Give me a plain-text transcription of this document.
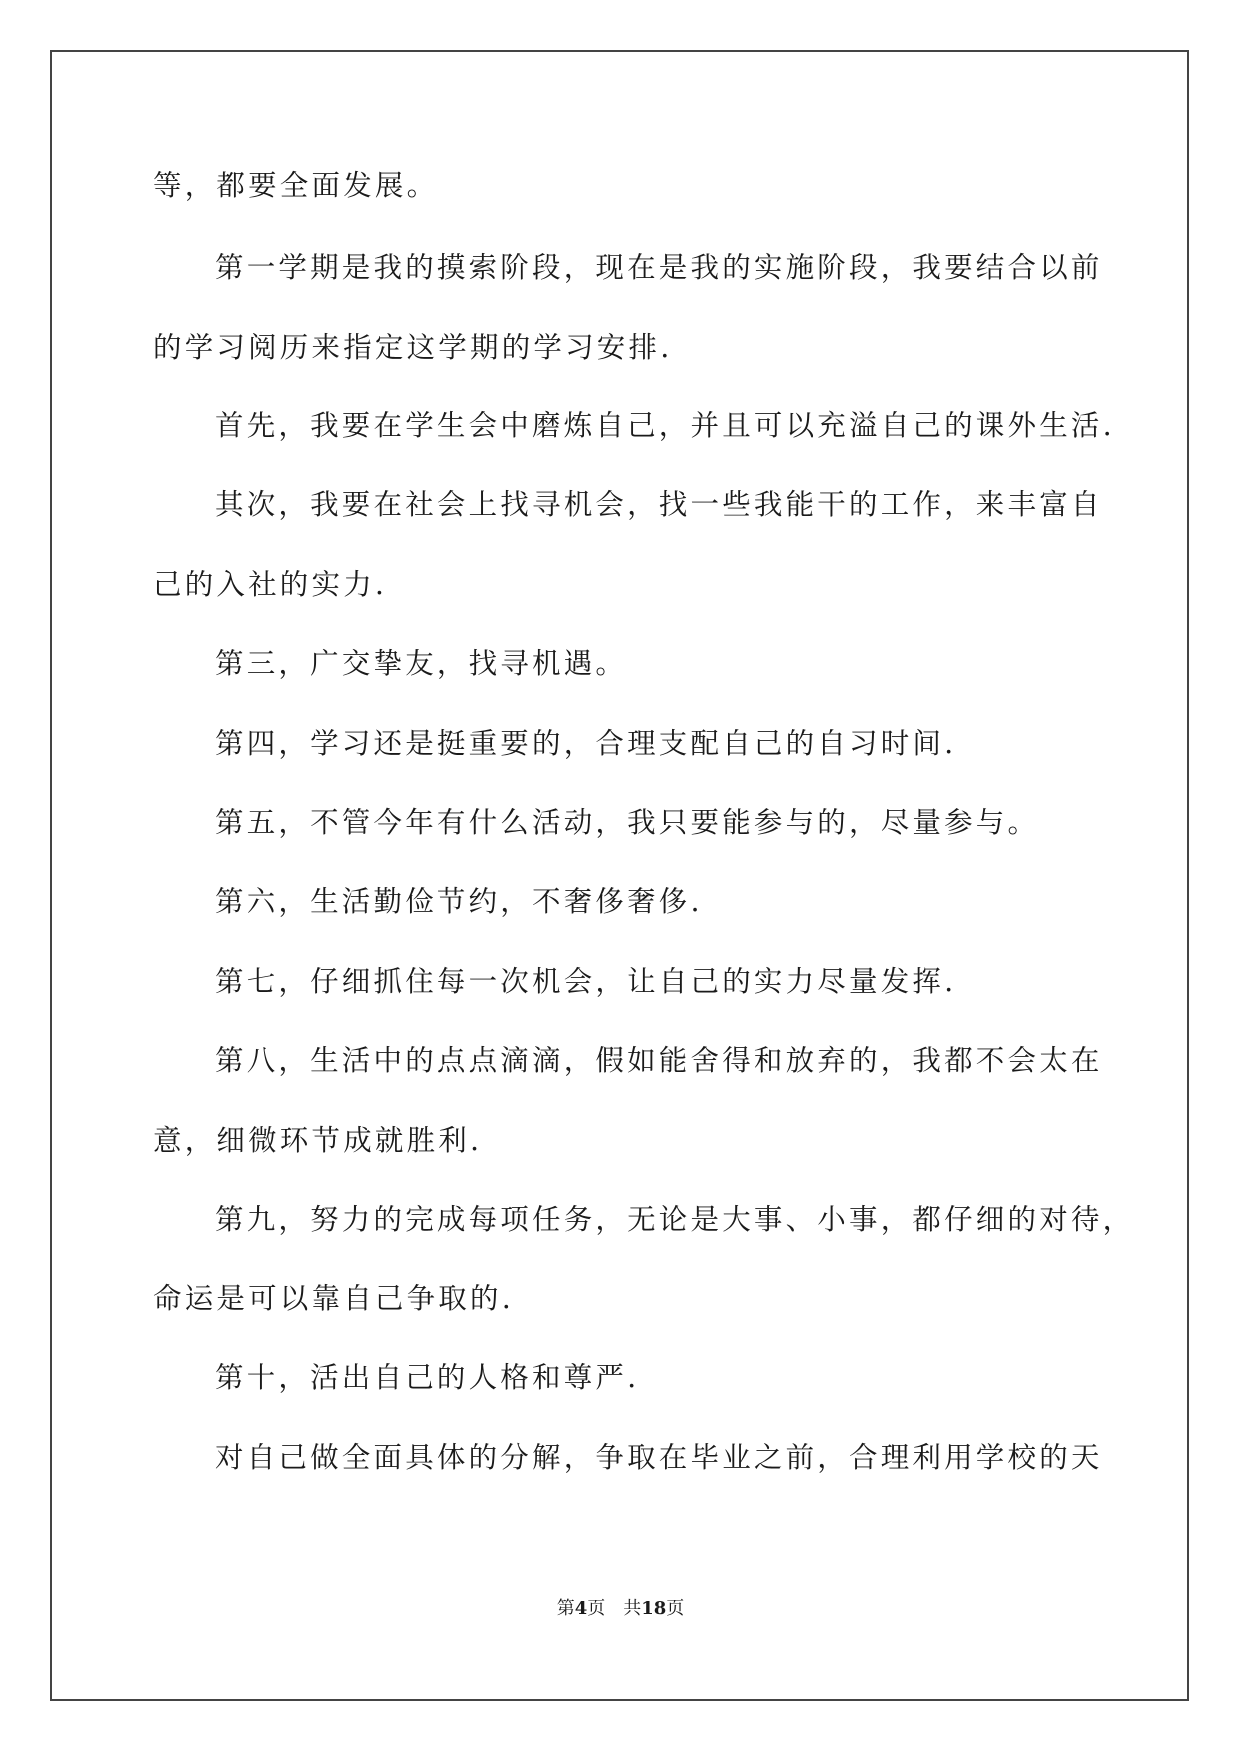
等，都要全面发展。

第一学期是我的摸索阶段，现在是我的实施阶段，我要结合以前

的学习阅历来指定这学期的学习安排.

首先，我要在学生会中磨炼自己，并且可以充溢自己的课外生活.

其次，我要在社会上找寻机会，找一些我能干的工作，来丰富自

己的入社的实力.

第三，广交挚友，找寻机遇。

第四，学习还是挺重要的，合理支配自己的自习时间.

第五，不管今年有什么活动，我只要能参与的，尽量参与。

第六，生活勤俭节约，不奢侈奢侈.

第七，仔细抓住每一次机会，让自己的实力尽量发挥.

第八，生活中的点点滴滴，假如能舍得和放弃的，我都不会太在

意，细微环节成就胜利.

第九，努力的完成每项任务，无论是大事、小事，都仔细的对待，

命运是可以靠自己争取的.

第十，活出自己的人格和尊严.

对自己做全面具体的分解，争取在毕业之前，合理利用学校的天

第4页 共18页
